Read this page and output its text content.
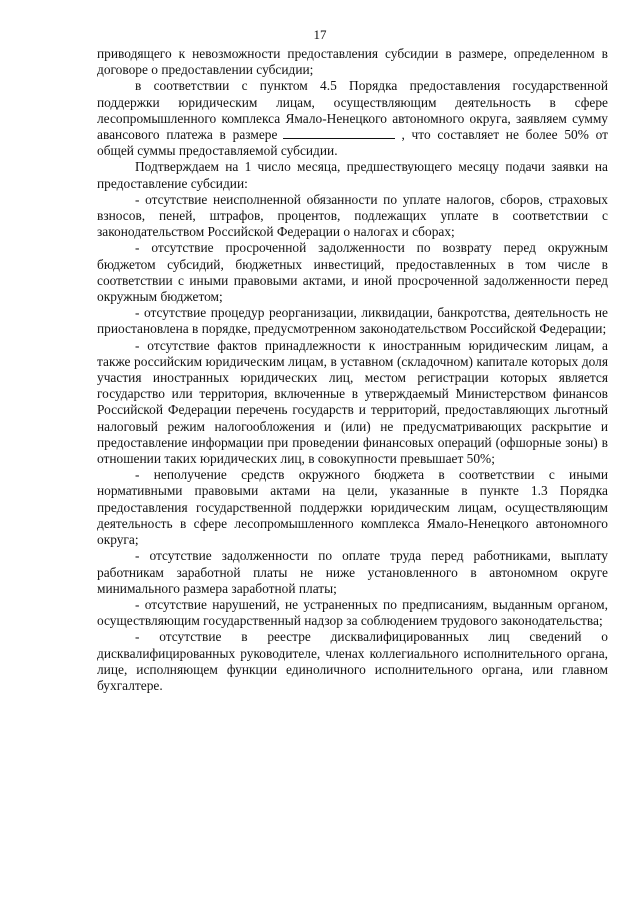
17

приводящего к невозможности предоставления субсидии в размере, определенном в договоре о предоставлении субсидии;

в соответствии с пунктом 4.5 Порядка предоставления государственной поддержки юридическим лицам, осуществляющим деятельность в сфере лесопромышленного комплекса Ямало-Ненецкого автономного округа, заявляем сумму авансового платежа в размере	, что составляет не более 50% от общей суммы предоставляемой субсидии.

Подтверждаем на 1 число месяца, предшествующего месяцу подачи заявки на предоставление субсидии:

- отсутствие неисполненной обязанности по уплате налогов, сборов, страховых взносов, пеней, штрафов, процентов, подлежащих уплате в соответствии с законодательством Российской Федерации о налогах и сборах;

- отсутствие просроченной задолженности по возврату перед окружным бюджетом субсидий, бюджетных инвестиций, предоставленных в том числе в соответствии с иными правовыми актами, и иной просроченной задолженности перед окружным бюджетом;

- отсутствие процедур реорганизации, ликвидации, банкротства, деятельность не приостановлена в порядке, предусмотренном законодательством Российской Федерации;

- отсутствие фактов принадлежности к иностранным юридическим лицам, а также российским юридическим лицам, в уставном (складочном) капитале которых доля участия иностранных юридических лиц, местом регистрации которых является государство или территория, включенные в утверждаемый Министерством финансов Российской Федерации перечень государств и территорий, предоставляющих льготный налоговый режим налогообложения и (или) не предусматривающих раскрытие и предоставление информации при проведении финансовых операций (офшорные зоны) в отношении таких юридических лиц, в совокупности превышает 50%;

- неполучение средств окружного бюджета в соответствии с иными нормативными правовыми актами на цели, указанные в пункте 1.3 Порядка предоставления государственной поддержки юридическим лицам, осуществляющим деятельность в сфере лесопромышленного комплекса Ямало-Ненецкого автономного округа;

- отсутствие задолженности по оплате труда перед работниками, выплату работникам заработной платы не ниже установленного в автономном округе минимального размера заработной платы;

- отсутствие нарушений, не устраненных по предписаниям, выданным органом, осуществляющим государственный надзор за соблюдением трудового законодательства;

- отсутствие в реестре дисквалифицированных лиц сведений о дисквалифицированных руководителе, членах коллегиального исполнительного органа, лице, исполняющем функции единоличного исполнительного органа, или главном бухгалтере.
